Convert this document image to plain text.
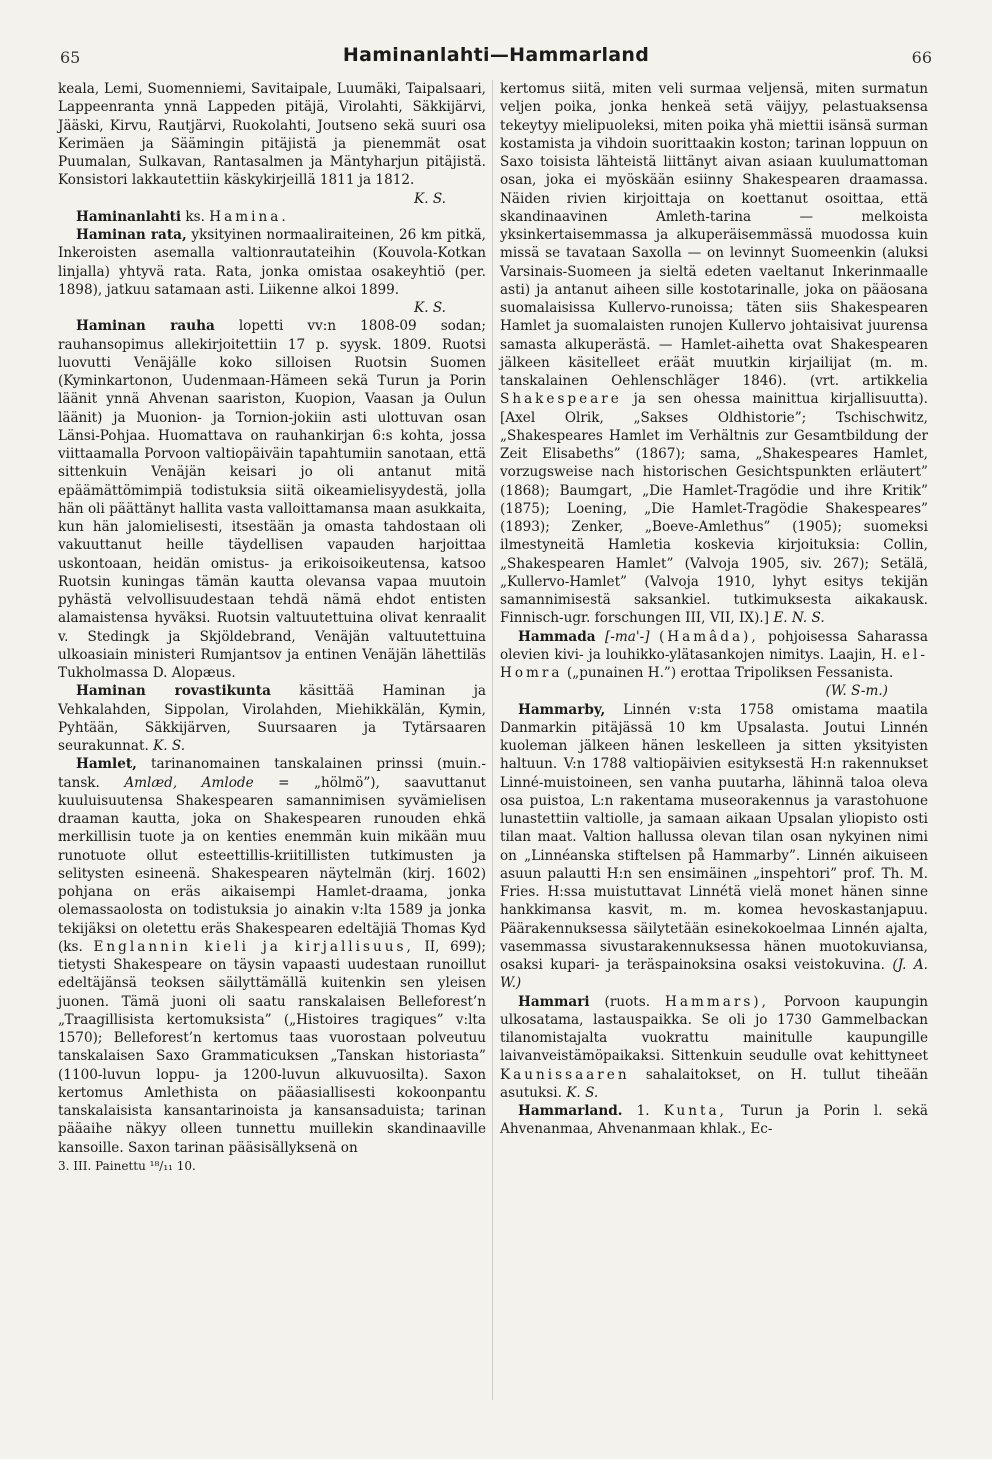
65	Haminanlahti—Hammarland	66

keala, Lemi, Suomenniemi, Savitaipale, Luumäki, Taipalsaari, Lappeenranta ynnä Lappeden pitäjä, Virolahti, Säkkijärvi, Jääski, Kirvu, Rautjärvi, Ruokolahti, Joutseno sekä suuri osa Kerimäen ja Säämingin pitäjistä ja pienemmät osat Puumalan, Sulkavan, Rantasalmen ja Mäntyharjun pitäjistä. Konsistori lakkautettiin käskykirjeillä 1811 ja 1812.
K. S.

Haminanlahti ks. Hamina.

Haminan rata, yksityinen normaaliraiteinen, 26 km pitkä, Inkeroisten asemalla valtionrautateihin (Kouvola-Kotkan linjalla) yhtyvä rata. Rata, jonka omistaa osakeyhtiö (per. 1898), jatkuu satamaan asti. Liikenne alkoi 1899.
K. S.

Haminan rauha lopetti vv:n 1808-09 sodan; rauhansopimus allekirjoitettiin 17 p. syysk. 1809. Ruotsi luovutti Venäjälle koko silloisen Ruotsin Suomen (Kyminkartonon, Uudenmaan-Hämeen sekä Turun ja Porin läänit ynnä Ahvenan saariston, Kuopion, Vaasan ja Oulun läänit) ja Muonion- ja Tornion-jokiin asti ulottuvan osan Länsi-Pohjaa. Huomattava on rauhankirjan 6:s kohta, jossa viittaamalla Porvoon valtiopäiväin tapahtumiin sanotaan, että sittenkuin Venäjän keisari jo oli antanut mitä epäämättömimpiä todistuksia siitä oikeamielisyydestä, jolla hän oli päättänyt hallita vasta valloittamansa maan asukkaita, kun hän jalomielisesti, itsestään ja omasta tahdostaan oli vakuuttanut heille täydellisen vapauden harjoittaa uskontoaan, heidän omistus- ja erikoisoikeutensa, katsoo Ruotsin kuningas tämän kautta olevansa vapaa muutoin pyhästä velvollisuudestaan tehdä nämä ehdot entisten alamaistensa hyväksi. Ruotsin valtuutettuina olivat kenraalit v. Stedingk ja Skjöldebrand, Venäjän valtuutettuina ulkoasiain ministeri Rumjantsov ja entinen Venäjän lähettiläs Tukholmassa D. Alopæus.

Haminan rovastikunta käsittää Haminan ja Vehkalahden, Sippolan, Virolahden, Miehikkälän, Kymin, Pyhtään, Säkkijärven, Suursaaren ja Tytärsaaren seurakunnat. K. S.

Hamlet, tarinanomainen tanskalainen prinssi (muin.-tansk. Amlæd, Amlode = „hölmö”), saavuttanut kuuluisuutensa Shakespearen samannimisen syvämielisen draaman kautta, joka on Shakespearen runouden ehkä merkillisin tuote ja on kenties enemmän kuin mikään muu runotuote ollut esteettillis-kriitillisten tutkimusten ja selitysten esineenä. Shakespearen näytelmän (kirj. 1602) pohjana on eräs aikaisempi Hamlet-draama, jonka olemassaolosta on todistuksia jo ainakin v:lta 1589 ja jonka tekijäksi on oletettu eräs Shakespearen edeltäjiä Thomas Kyd (ks. Englannin kieli ja kirjallisuus, II, 699); tietysti Shakespeare on täysin vapaasti uudestaan runoillut edeltäjänsä teoksen säilyttämällä kuitenkin sen yleisen juonen. Tämä juoni oli saatu ranskalaisen Belleforest’n „Traagillisista kertomuksista” („Histoires tragiques” v:lta 1570); Belleforest’n kertomus taas vuorostaan polveutuu tanskalaisen Saxo Grammaticuksen „Tanskan historiasta” (1100-luvun loppu- ja 1200-luvun alkuvuosilta). Saxon kertomus Amlethista on pääasiallisesti kokoonpantu tanskalaisista kansantarinoista ja kansansaduista; tarinan pääaihe näkyy olleen tunnettu muillekin skandinaaville kansoille. Saxon tarinan pääsisällyksenä on

3. III. Painettu ¹⁸/₁₁ 10.

kertomus siitä, miten veli surmaa veljensä, miten surmatun veljen poika, jonka henkeä setä väijyy, pelastuaksensa tekeytyy mielipuoleksi, miten poika yhä miettii isänsä surman kostamista ja vihdoin suorittaakin koston; tarinan loppuun on Saxo toisista lähteistä liittänyt aivan asiaan kuulumattoman osan, joka ei myöskään esiinny Shakespearen draamassa. Näiden rivien kirjoittaja on koettanut osoittaa, että skandinaavinen Amleth-tarina — melkoista yksinkertaisemmassa ja alkuperäisemmässä muodossa kuin missä se tavataan Saxolla — on levinnyt Suomeenkin (aluksi Varsinais-Suomeen ja sieltä edeten vaeltanut Inkerinmaalle asti) ja antanut aiheen sille kostotarinalle, joka on pääosana suomalaisissa Kullervo-runoissa; täten siis Shakespearen Hamlet ja suomalaisten runojen Kullervo johtaisivat juurensa samasta alkuperästä. — Hamlet-aihetta ovat Shakespearen jälkeen käsitelleet eräät muutkin kirjailijat (m. m. tanskalainen Oehlenschläger 1846). (vrt. artikkelia Shakespeare ja sen ohessa mainittua kirjallisuutta). [Axel Olrik, „Sakses Oldhistorie”; Tschischwitz, „Shakespeares Hamlet im Verhältnis zur Gesamtbildung der Zeit Elisabeths” (1867); sama, „Shakespeares Hamlet, vorzugsweise nach historischen Gesichtspunkten erläutert” (1868); Baumgart, „Die Hamlet-Tragödie und ihre Kritik” (1875); Loening, „Die Hamlet-Tragödie Shakespeares” (1893); Zenker, „Boeve-Amlethus” (1905); suomeksi ilmestyneitä Hamletia koskevia kirjoituksia: Collin, „Shakespearen Hamlet” (Valvoja 1905, siv. 267); Setälä, „Kullervo-Hamlet” (Valvoja 1910, lyhyt esitys tekijän samannimisestä saksankiel. tutkimuksesta aikakausk. Finnisch-ugr. forschungen III, VII, IX).] E. N. S.

Hammada [-ma'-] (Hamâda), pohjoisessa Saharassa olevien kivi- ja louhikko-ylätasankojen nimitys. Laajin, H. el-Homra („punainen H.”) erottaa Tripoliksen Fessanista.
(W. S-m.)

Hammarby, Linnén v:sta 1758 omistama maatila Danmarkin pitäjässä 10 km Upsalasta. Joutui Linnén kuoleman jälkeen hänen leskelleen ja sitten yksityisten haltuun. V:n 1788 valtiopäivien esityksestä H:n rakennukset Linné-muistoineen, sen vanha puutarha, lähinnä taloa oleva osa puistoa, L:n rakentama museorakennus ja varastohuone lunastettiin valtiolle, ja samaan aikaan Upsalan yliopisto osti tilan maat. Valtion hallussa olevan tilan osan nykyinen nimi on „Linnéanska stiftelsen på Hammarby”. Linnén aikuiseen asuun palautti H:n sen ensimäinen „inspehtori” prof. Th. M. Fries. H:ssa muistuttavat Linnétä vielä monet hänen sinne hankkimansa kasvit, m. m. komea hevoskastanjapuu. Päärakennuksessa säilytetään esinekokoelmaa Linnén ajalta, vasemmassa sivustarakennuksessa hänen muotokuviansa, osaksi kupari- ja teräspainoksina osaksi veistokuvina. (J. A. W.)

Hammari (ruots. Hammars), Porvoon kaupungin ulkosatama, lastauspaikka. Se oli jo 1730 Gammelbackan tilanomistajalta vuokrattu mainitulle kaupungille laivanveistämöpaikaksi. Sittenkuin seudulle ovat kehittyneet Kaunissaaren sahalaitokset, on H. tullut tiheään asutuksi. K. S.

Hammarland. 1. Kunta, Turun ja Porin l. sekä Ahvenanmaa, Ahvenanmaan khlak., Ec-
